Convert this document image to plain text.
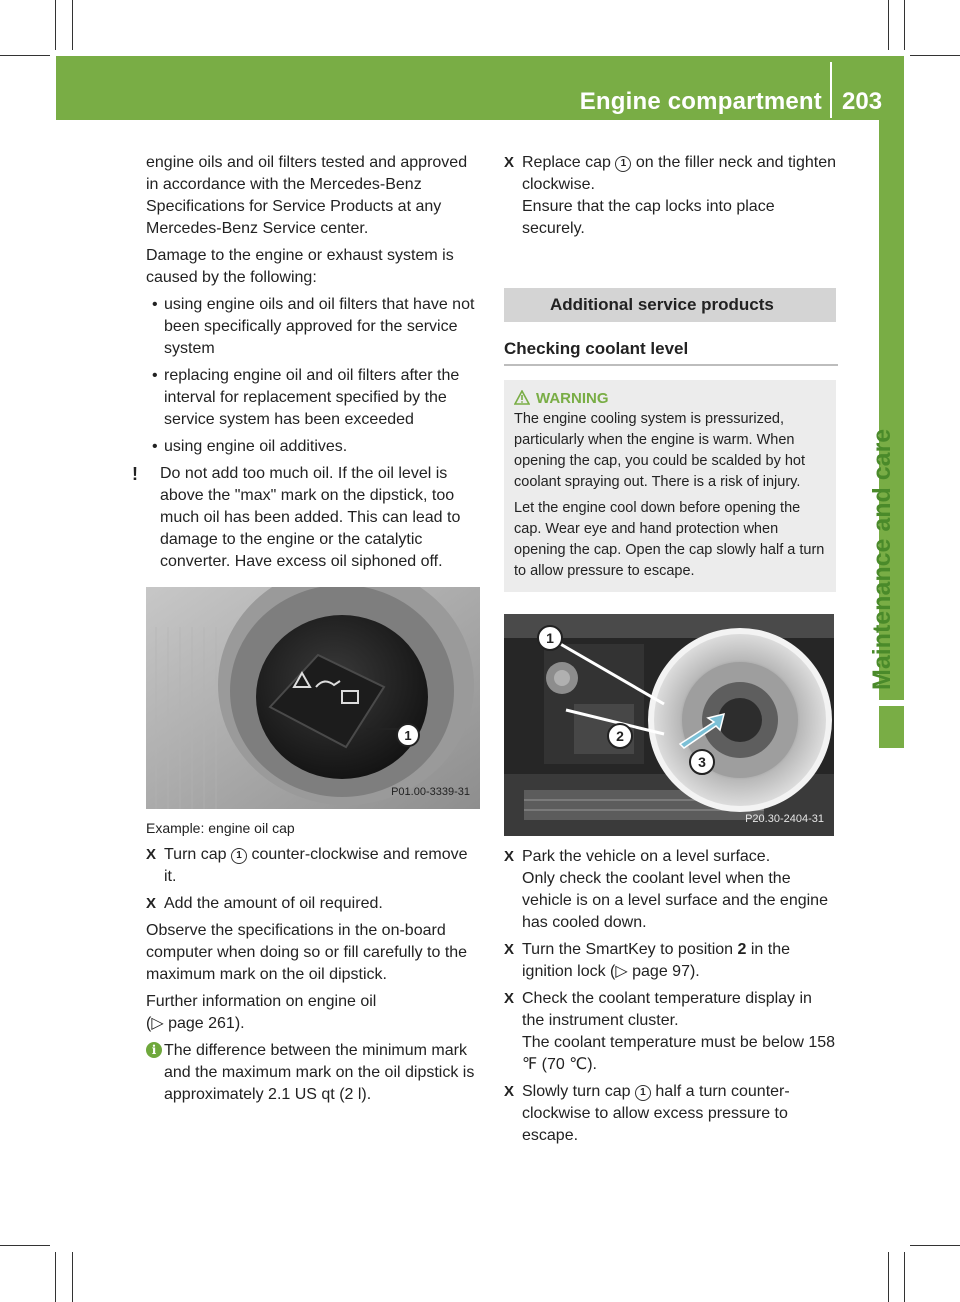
Engine compartment 203
Maintenance and care

engine oils and oil filters tested and approved in accordance with the Mercedes-Benz Specifications for Service Products at any Mercedes-Benz Service center.

Damage to the engine or exhaust system is caused by the following:

• using engine oils and oil filters that have not been specifically approved for the service system

• replacing engine oil and oil filters after the interval for replacement specified by the service system has been exceeded

• using engine oil additives.

! Do not add too much oil. If the oil level is above the "max" mark on the dipstick, too much oil has been added. This can lead to damage to the engine or the catalytic converter. Have excess oil siphoned off.

1
P01.00-3339-31

Example: engine oil cap

X Turn cap 1 counter-clockwise and remove it.

X Add the amount of oil required.

Observe the specifications in the on-board computer when doing so or fill carefully to the maximum mark on the oil dipstick.

Further information on engine oil
(▷ page 261).

i The difference between the minimum mark and the maximum mark on the oil dipstick is approximately 2.1 US qt (2 l).

X Replace cap 1 on the filler neck and tighten clockwise.
Ensure that the cap locks into place securely.

Additional service products

Checking coolant level

WARNING

The engine cooling system is pressurized, particularly when the engine is warm. When opening the cap, you could be scalded by hot coolant spraying out. There is a risk of injury.

Let the engine cool down before opening the cap. Wear eye and hand protection when opening the cap. Open the cap slowly half a turn to allow pressure to escape.

1
2
3
P20.30-2404-31

X Park the vehicle on a level surface.
Only check the coolant level when the vehicle is on a level surface and the engine has cooled down.

X Turn the SmartKey to position 2 in the ignition lock (▷ page 97).

X Check the coolant temperature display in the instrument cluster.
The coolant temperature must be below 158 ℉ (70 ℃).

X Slowly turn cap 1 half a turn counter-clockwise to allow excess pressure to escape.
